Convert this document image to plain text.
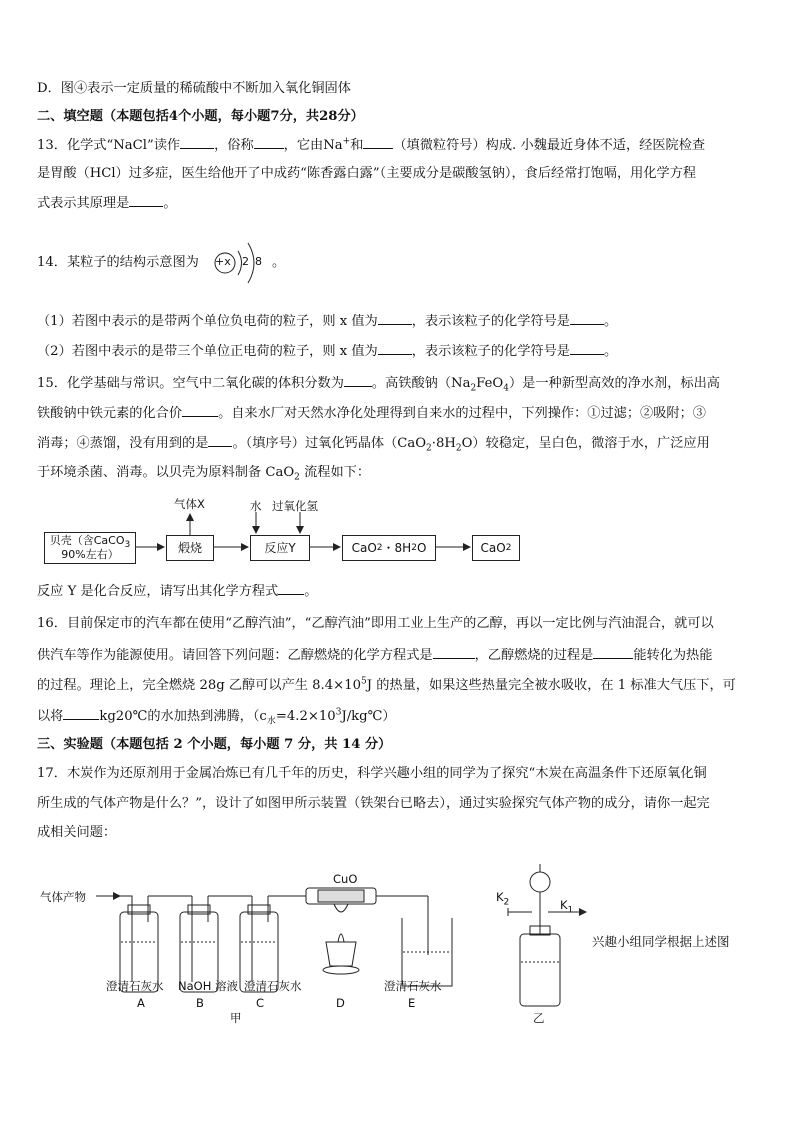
D．图④表示一定质量的稀硫酸中不断加入氧化铜固体
二、填空题（本题包括4个小题，每小题7分，共28分）
13．化学式“NaCl”读作	，俗称 ，它由Na+和 （填微粒符号）构成. 小魏最近身体不适，经医院检查
是胃酸（HCl）过多症，医生给他开了中成药“陈香露白露”（主要成分是碳酸氢钠），食后经常打饱嗝，用化学方程
式表示其原理是	。
14．某粒子的结构示意图为 +x 2 8 。
（1）若图中表示的是带两个单位负电荷的粒子，则 x 值为	，表示该粒子的化学符号是	。
（2）若图中表示的是带三个单位正电荷的粒子，则 x 值为	，表示该粒子的化学符号是	。
15．化学基础与常识。空气中二氧化碳的体积分数为 。高铁酸钠$(Na_2FeO_4)$是一种新型高效的净水剂，标出高
铁酸钠中铁元素的化合价	。自来水厂对天然水净化处理得到自来水的过程中，下列操作：①过滤；②吸附；③
消毒；④蒸馏，没有用到的是 。（填序号）过氧化钙晶体$(CaO_2\cdot 8H_2O)$较稳定，呈白色，微溶于水，广泛应用
于环境杀菌、消毒。以贝壳为原料制备 CaO$_2$ 流程如下：
气体X	水 过氧化氢
贝壳（含CaCO$_3$
90%左右）	煅烧	反应Y	CaO 2 ・8H 2 O	CaO 2
反应 Y 是化合反应，请写出其化学方程式 。
16．目前保定市的汽车都在使用“乙醇汽油”，“乙醇汽油”即用工业上生产的乙醇，再以一定比例与汽油混合，就可以
供汽车等作为能源使用。请回答下列问题：乙醇燃烧的化学方程式是	，乙醇燃烧的过程是	能转化为热能
的过程。理论上，完全燃烧 28g 乙醇可以产生 $8.4\times 10^5J$ 的热量，如果这些热量完全被水吸收，在 1 标准大气压下，可
以将	kg20℃的水加热到沸腾，$(c_水=4.2\times 10^3J/kg℃)$
三、实验题（本题包括 2 个小题，每小题 7 分，共 14 分）
17．木炭作为还原剂用于金属冶炼已有几千年的历史，科学兴趣小组的同学为了探究“木炭在高温条件下还原氧化铜
所生成的气体产物是什么？”，设计了如图甲所示装置（铁架台已略去），通过实验探究气体产物的成分，请你一起完
成相关问题：
气体产物
CuO
澄清石灰水 NaOH 溶液 澄清石灰水	澄清石灰水
A	B	C	D	E
甲	乙
$K_2$	$K_1$
兴趣小组同学根据上述图
